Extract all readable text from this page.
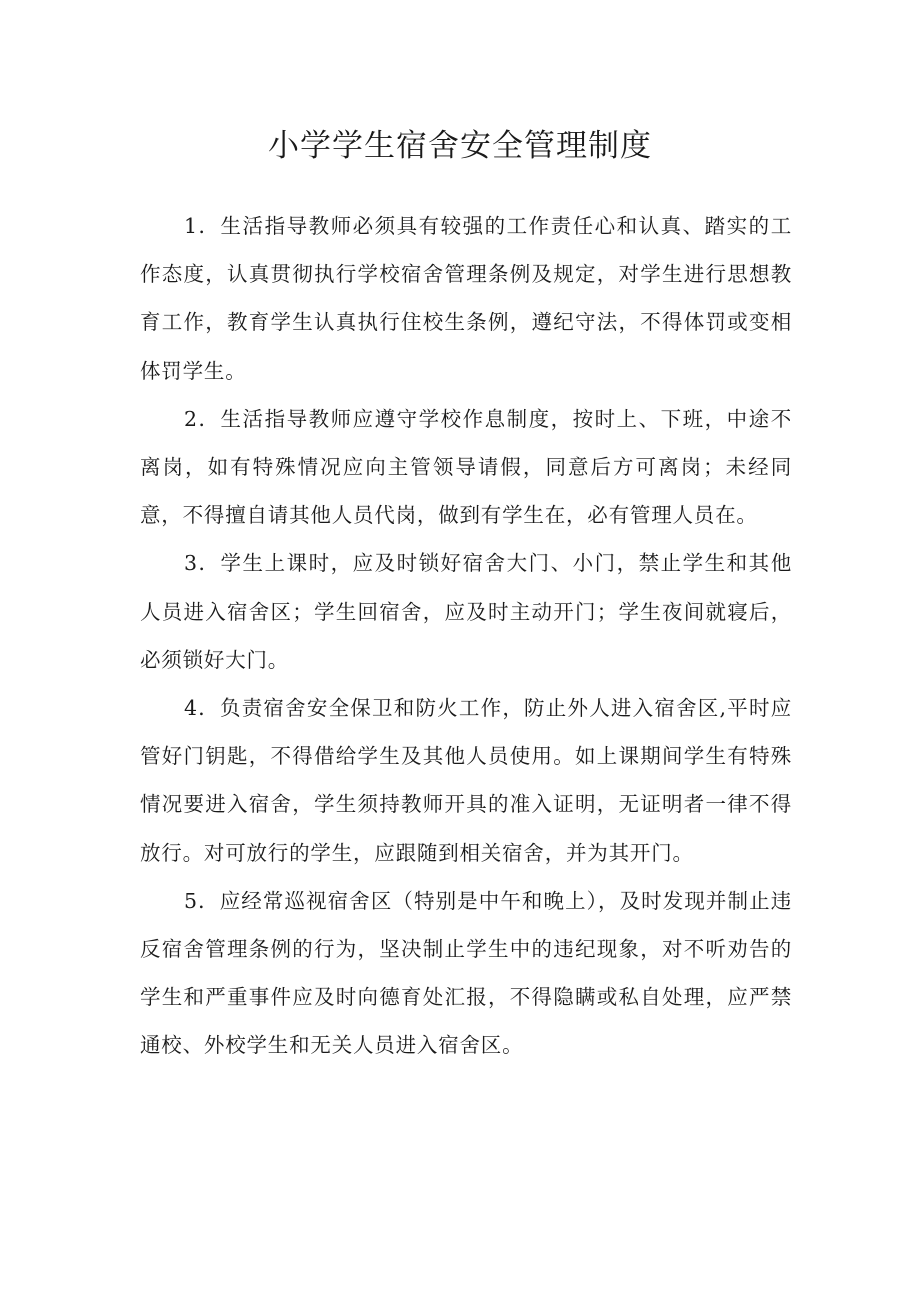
小学学生宿舍安全管理制度

1．生活指导教师必须具有较强的工作责任心和认真、踏实的工作态度，认真贯彻执行学校宿舍管理条例及规定，对学生进行思想教育工作，教育学生认真执行住校生条例，遵纪守法，不得体罚或变相体罚学生。

2．生活指导教师应遵守学校作息制度，按时上、下班，中途不离岗，如有特殊情况应向主管领导请假，同意后方可离岗；未经同意，不得擅自请其他人员代岗，做到有学生在，必有管理人员在。

3．学生上课时，应及时锁好宿舍大门、小门，禁止学生和其他人员进入宿舍区；学生回宿舍，应及时主动开门；学生夜间就寝后，必须锁好大门。

4．负责宿舍安全保卫和防火工作，防止外人进入宿舍区,平时应管好门钥匙，不得借给学生及其他人员使用。如上课期间学生有特殊情况要进入宿舍，学生须持教师开具的准入证明，无证明者一律不得放行。对可放行的学生，应跟随到相关宿舍，并为其开门。

5．应经常巡视宿舍区（特别是中午和晚上），及时发现并制止违反宿舍管理条例的行为，坚决制止学生中的违纪现象，对不听劝告的学生和严重事件应及时向德育处汇报，不得隐瞒或私自处理，应严禁通校、外校学生和无关人员进入宿舍区。
